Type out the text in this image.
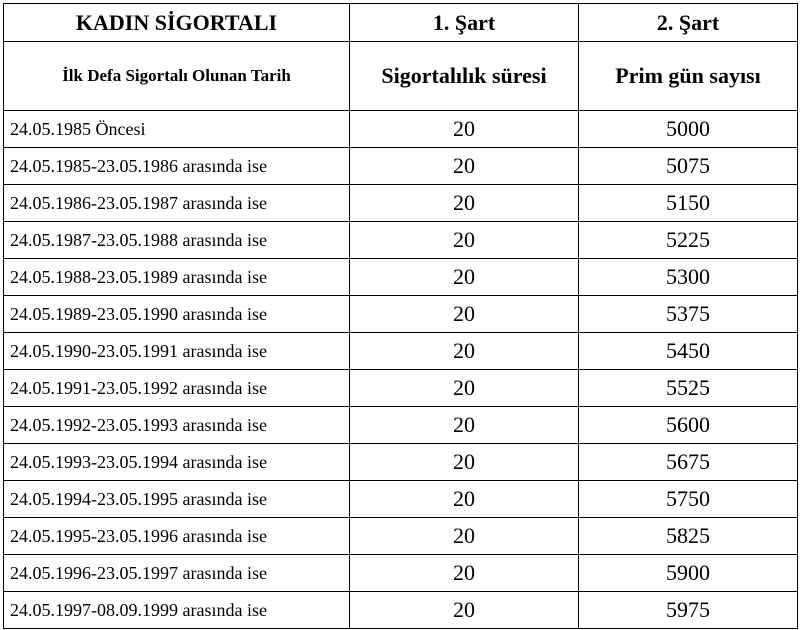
KADIN SİGORTALI	1. Şart	2. Şart
İlk Defa Sigortalı Olunan Tarih	Sigortalılık süresi	Prim gün sayısı
24.05.1985 Öncesi	20	5000
24.05.1985-23.05.1986 arasında ise	20	5075
24.05.1986-23.05.1987 arasında ise	20	5150
24.05.1987-23.05.1988 arasında ise	20	5225
24.05.1988-23.05.1989 arasında ise	20	5300
24.05.1989-23.05.1990 arasında ise	20	5375
24.05.1990-23.05.1991 arasında ise	20	5450
24.05.1991-23.05.1992 arasında ise	20	5525
24.05.1992-23.05.1993 arasında ise	20	5600
24.05.1993-23.05.1994 arasında ise	20	5675
24.05.1994-23.05.1995 arasında ise	20	5750
24.05.1995-23.05.1996 arasında ise	20	5825
24.05.1996-23.05.1997 arasında ise	20	5900
24.05.1997-08.09.1999 arasında ise	20	5975
